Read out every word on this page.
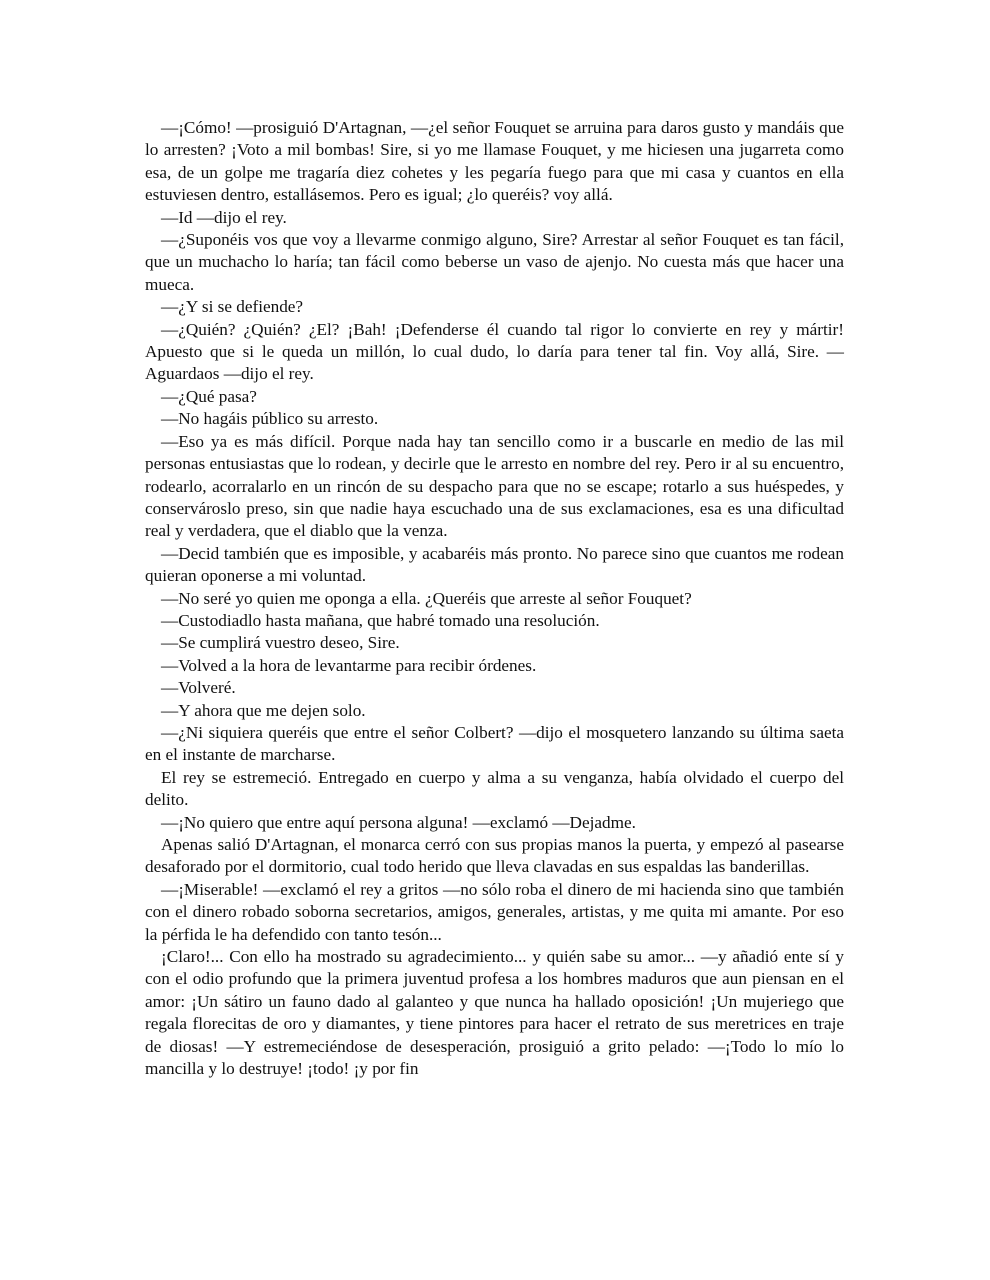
—¡Cómo! —prosiguió D'Artagnan, —¿el señor Fouquet se arruina para daros gusto y mandáis que lo arresten? ¡Voto a mil bombas! Sire, si yo me llamase Fouquet, y me hiciesen una jugarreta como esa, de un golpe me tragaría diez cohetes y les pegaría fuego para que mi casa y cuantos en ella estuviesen dentro, estallásemos. Pero es igual; ¿lo queréis? voy allá.

—Id —dijo el rey.

—¿Suponéis vos que voy a llevarme conmigo alguno, Sire? Arrestar al señor Fouquet es tan fácil, que un muchacho lo haría; tan fácil como beberse un vaso de ajenjo. No cuesta más que hacer una mueca.

—¿Y si se defiende?

—¿Quién? ¿Quién? ¿El? ¡Bah! ¡Defenderse él cuando tal rigor lo convierte en rey y mártir! Apuesto que si le queda un millón, lo cual dudo, lo daría para tener tal fin. Voy allá, Sire. —Aguardaos —dijo el rey.

—¿Qué pasa?

—No hagáis público su arresto.

—Eso ya es más difícil. Porque nada hay tan sencillo como ir a buscarle en medio de las mil personas entusiastas que lo rodean, y decirle que le arresto en nombre del rey. Pero ir al su encuentro, rodearlo, acorralarlo en un rincón de su despacho para que no se escape; rotarlo a sus huéspedes, y conservároslo preso, sin que nadie haya escuchado una de sus exclamaciones, esa es una dificultad real y verdadera, que el diablo que la venza.

—Decid también que es imposible, y acabaréis más pronto. No parece sino que cuantos me rodean quieran oponerse a mi voluntad.

—No seré yo quien me oponga a ella. ¿Queréis que arreste al señor Fouquet?

—Custodiadlo hasta mañana, que habré tomado una resolución.

—Se cumplirá vuestro deseo, Sire.

—Volved a la hora de levantarme para recibir órdenes.

—Volveré.

—Y ahora que me dejen solo.

—¿Ni siquiera queréis que entre el señor Colbert? —dijo el mosquetero lanzando su última saeta en el instante de marcharse.

El rey se estremeció. Entregado en cuerpo y alma a su venganza, había olvidado el cuerpo del delito.

—¡No quiero que entre aquí persona alguna! —exclamó —Dejadme.

Apenas salió D'Artagnan, el monarca cerró con sus propias manos la puerta, y empezó al pasearse desaforado por el dormitorio, cual todo herido que lleva clavadas en sus espaldas las banderillas.

—¡Miserable! —exclamó el rey a gritos —no sólo roba el dinero de mi hacienda sino que también con el dinero robado soborna secretarios, amigos, generales, artistas, y me quita mi amante. Por eso la pérfida le ha defendido con tanto tesón...

¡Claro!... Con ello ha mostrado su agradecimiento... y quién sabe su amor... —y añadió ente sí y con el odio profundo que la primera juventud profesa a los hombres maduros que aun piensan en el amor: ¡Un sátiro un fauno dado al galanteo y que nunca ha hallado oposición! ¡Un mujeriego que regala florecitas de oro y diamantes, y tiene pintores para hacer el retrato de sus meretrices en traje de diosas! —Y estremeciéndose de desesperación, prosiguió a grito pelado: —¡Todo lo mío lo mancilla y lo destruye! ¡todo! ¡y por fin
